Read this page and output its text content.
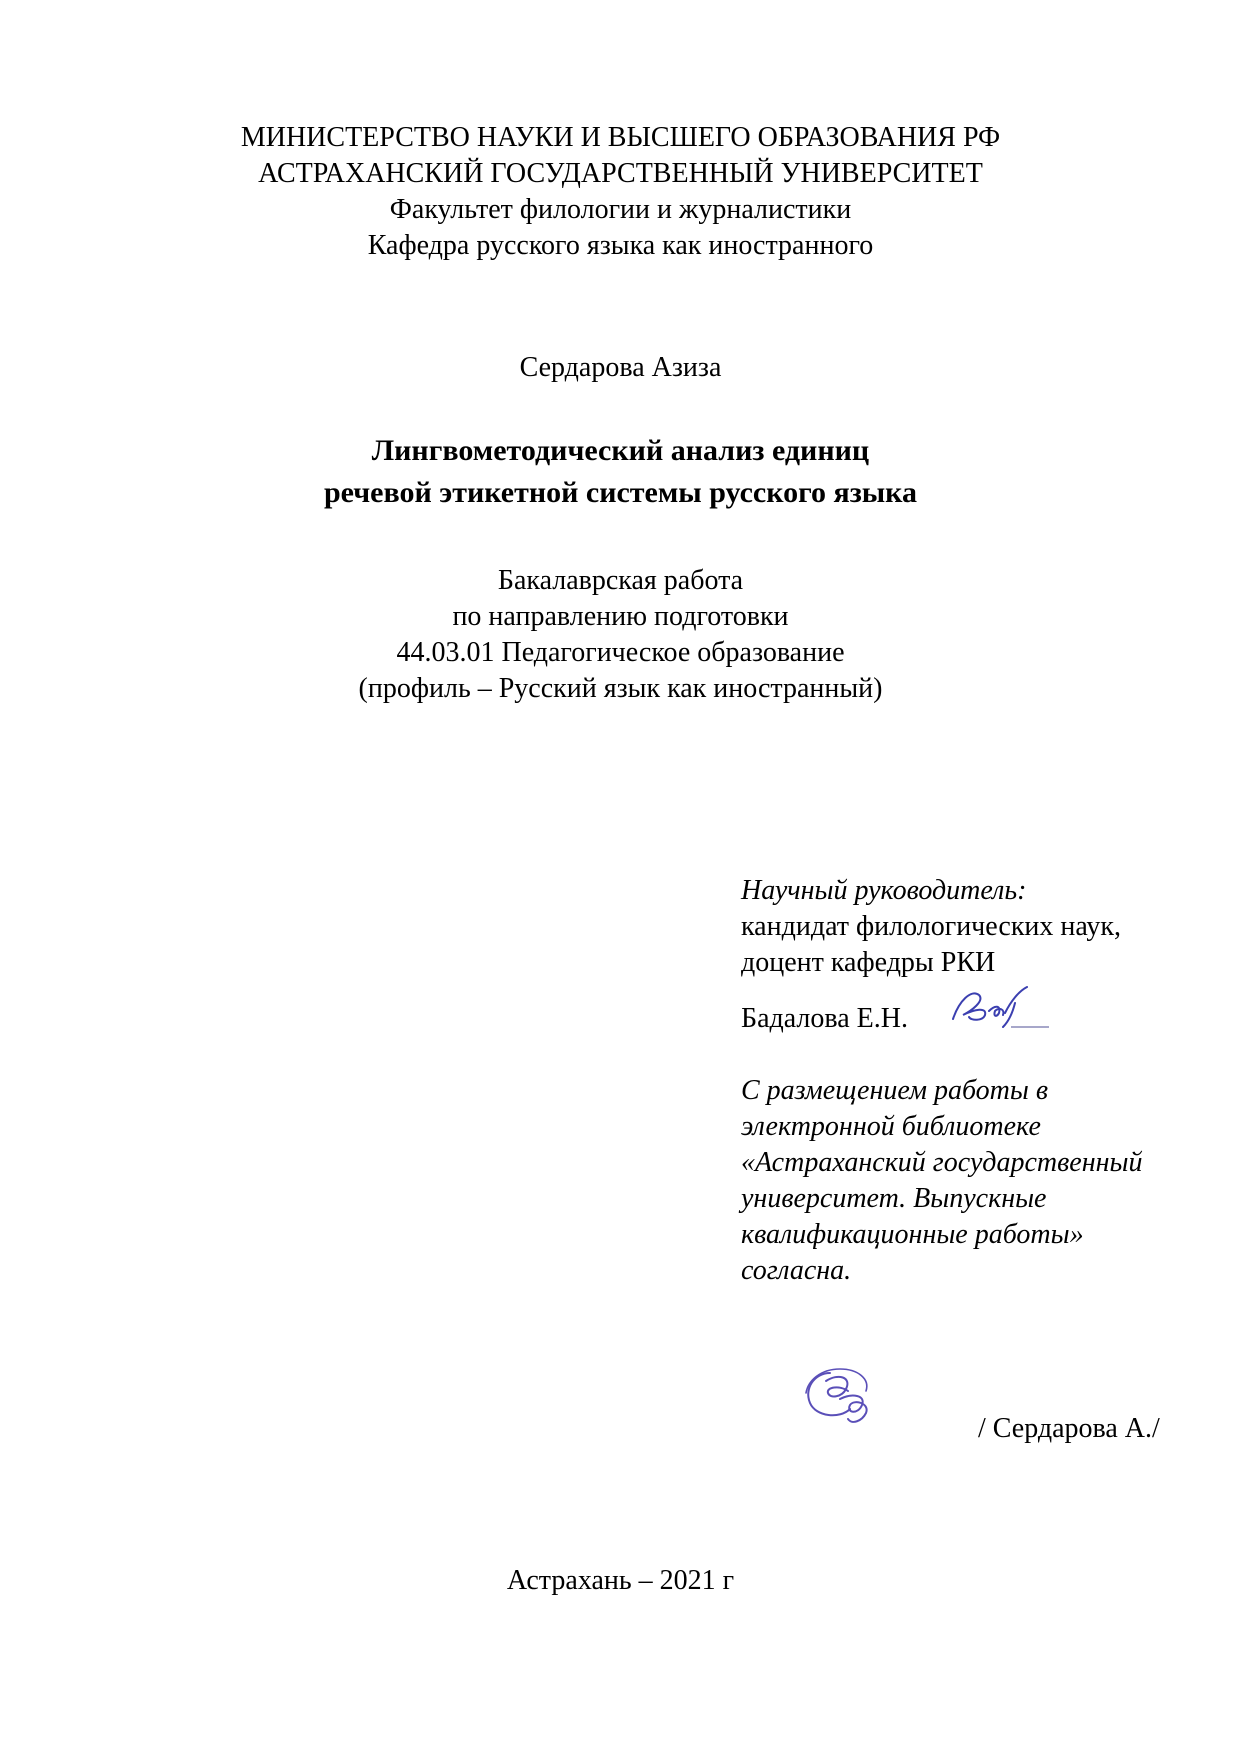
МИНИСТЕРСТВО НАУКИ И ВЫСШЕГО ОБРАЗОВАНИЯ РФ
АСТРАХАНСКИЙ ГОСУДАРСТВЕННЫЙ УНИВЕРСИТЕТ
Факультет филологии и журналистики
Кафедра русского языка как иностранного
Сердарова Азиза
Лингвометодический анализ единиц
речевой этикетной системы русского языка
Бакалаврская работа
по направлению подготовки
44.03.01 Педагогическое образование
(профиль – Русский язык как иностранный)
Научный руководитель:
кандидат филологических наук,
доцент кафедры РКИ
Бадалова Е.Н.
С размещением работы в
электронной библиотеке
«Астраханский государственный
университет. Выпускные
квалификационные работы»
согласна.
/ Сердарова А./
Астрахань – 2021 г
